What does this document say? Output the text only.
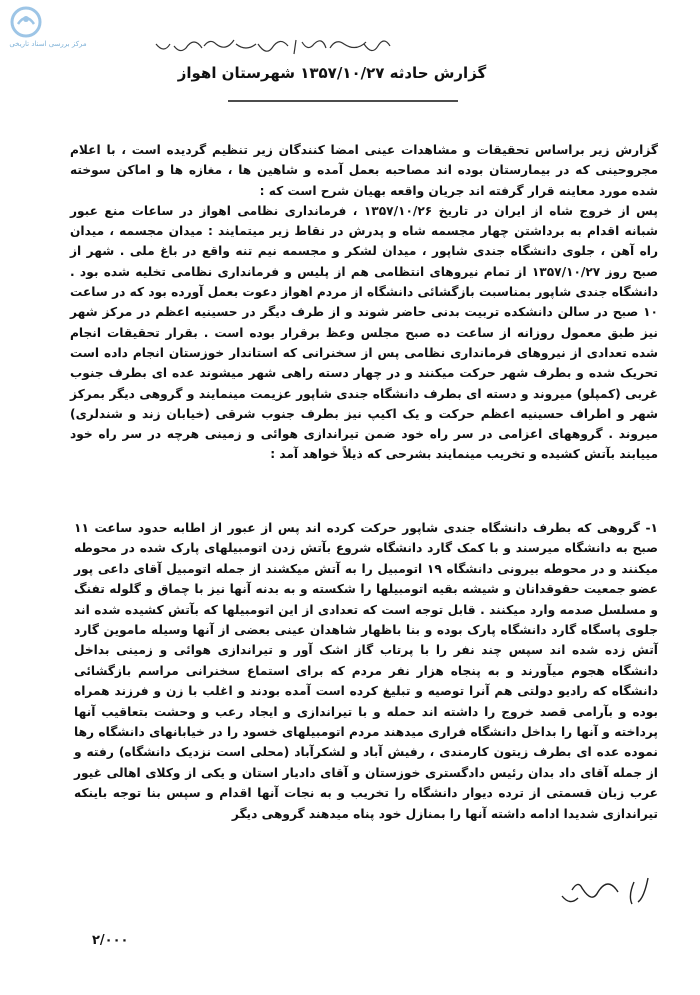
مرکز بررسی اسناد تاریخی
گزارش حادثه ۱۳۵۷/۱۰/۲۷ شهرستان اهواز

گزارش زیر براساس تحقیقات و مشاهدات عینی امضا کنندگان زیر تنظیم گردیده است ، با اعلام مجروحینی که در بیمارستان بوده اند مصاحبه بعمل آمده و شاهین ها ، مغازه ها و اماکن سوخته شده مورد معاینه قرار گرفته اند جریان واقعه بهیان شرح است که :

پس از خروج شاه از ایران در تاریخ ۱۳۵۷/۱۰/۲۶ ، فرمانداری نظامی اهواز در ساعات منع عبور شبانه اقدام به برداشتن چهار مجسمه شاه و پدرش در نقاط زیر میتمایند : میدان مجسمه ، میدان راه آهن ، جلوی دانشگاه جندی شاپور ، میدان لشکر و مجسمه نیم تنه واقع در باغ ملی . شهر از صبح روز ۱۳۵۷/۱۰/۲۷ از تمام نیروهای انتظامی هم از پلیس و فرمانداری نظامی تخلیه شده بود . دانشگاه جندی شاپور بمناسبت بازگشائی دانشگاه از مردم اهواز دعوت بعمل آورده بود که در ساعت ۱۰ صبح در سالن دانشکده تربیت بدنی حاضر شوند و از طرف دیگر در حسینیه اعظم در مرکز شهر نیز طبق معمول روزانه از ساعت ده صبح مجلس وعظ برقرار بوده است . بقرار تحقیقات انجام شده تعدادی از نیروهای فرمانداری نظامی پس از سخنرانی که استاندار خوزستان انجام داده است تحریک شده و بطرف شهر حرکت میکنند و در چهار دسته راهی شهر میشوند عده ای بطرف جنوب غربی (کمپلو) میروند و دسته ای بطرف دانشگاه جندی شاپور عزیمت مینمایند و گروهی دیگر بمرکز شهر و اطراف حسینیه اعظم حرکت و یک اکیپ نیز بطرف جنوب شرقی (خیابان زند و شندلری) میروند . گروههای اعزامی در سر راه خود ضمن تیراندازی هوائی و زمینی هرچه در سر راه خود مییابند بآتش کشیده و تخریب مینمایند بشرحی که ذیلاً خواهد آمد :

۱- گروهی که بطرف دانشگاه جندی شاپور حرکت کرده اند پس از عبور از اطابه حدود ساعت ۱۱ صبح به دانشگاه میرسند و با کمک گارد دانشگاه شروع بآتش زدن اتومبیلهای پارک شده در محوطه میکنند و در محوطه بیرونی دانشگاه ۱۹ اتومبیل را به آتش میکشند از جمله اتومبیل آقای داعی پور عضو جمعیت حقوقدانان و شیشه بقیه اتومبیلها را شکسته و به بدنه آنها نیز با چماق و گلوله تفنگ و مسلسل صدمه وارد میکنند . قابل توجه است که تعدادی از این اتومبیلها که بآتش کشیده شده اند جلوی پاسگاه گارد دانشگاه پارک بوده و بنا باظهار شاهدان عینی بعضی از آنها وسیله ماموین گارد آتش زده شده اند سپس چند نفر را با پرتاب گاز اشک آور و تیراندازی هوائی و زمینی بداخل دانشگاه هجوم میآورند و به پنجاه هزار نفر مردم که برای استماع سخنرانی مراسم بازگشائی دانشگاه که رادیو دولتی هم آنرا توصیه و تبلیغ کرده است آمده بودند و اغلب با زن و فرزند همراه بوده و بآرامی قصد خروج را داشته اند حمله و با تیراندازی و ایجاد رعب و وحشت بتعاقیب آنها پرداخته و آنها را بداخل دانشگاه فراری میدهند مردم اتومبیلهای خسود را در خیابانهای دانشگاه رها نموده عده ای بطرف زیتون کارمندی ، رفیش آباد و لشکرآباد (محلی است نزدیک دانشگاه) رفته و از جمله آقای داد بدان رئیس دادگستری خوزستان و آقای دادیار استان و یکی از وکلای اهالی غیور عرب زبان قسمتی از ترده دیوار دانشگاه را تخریب و به نجات آنها اقدام و سپس بنا توجه باینکه تیراندازی شدیدا ادامه داشته آنها را بمنازل خود پناه میدهند گروهی دیگر

۲/۰۰۰
